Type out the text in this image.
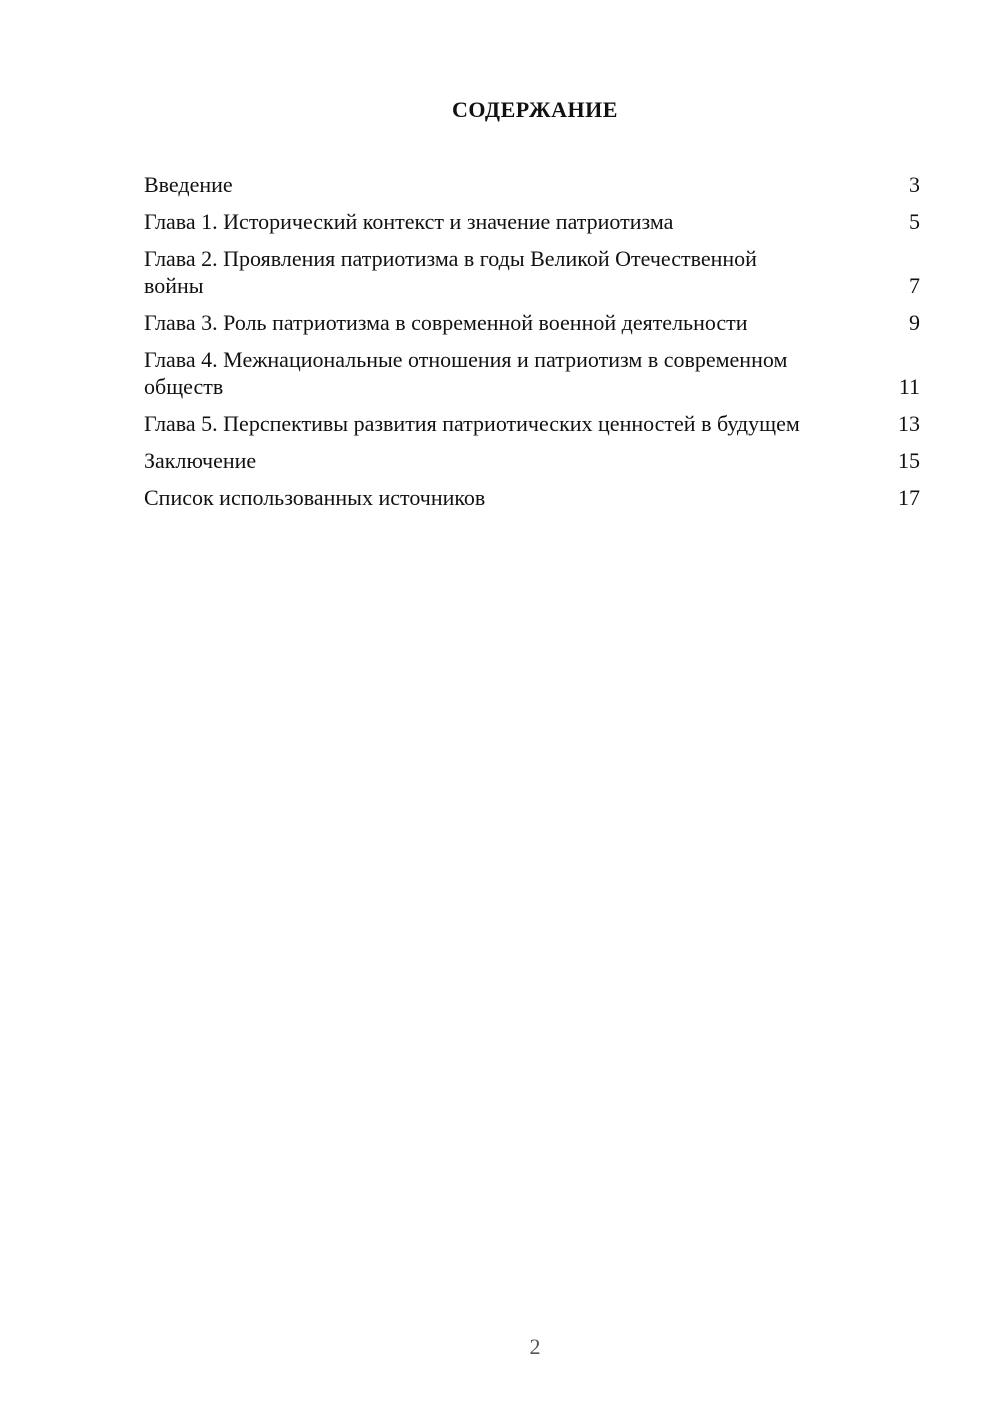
СОДЕРЖАНИЕ
Введение	3
Глава 1. Исторический контекст и значение патриотизма	5
Глава 2. Проявления патриотизма в годы Великой Отечественной войны	7
Глава 3. Роль патриотизма в современной военной деятельности	9
Глава 4. Межнациональные отношения и патриотизм в современном обществ	11
Глава 5. Перспективы развития патриотических ценностей в будущем	13
Заключение	15
Список использованных источников	17
2
